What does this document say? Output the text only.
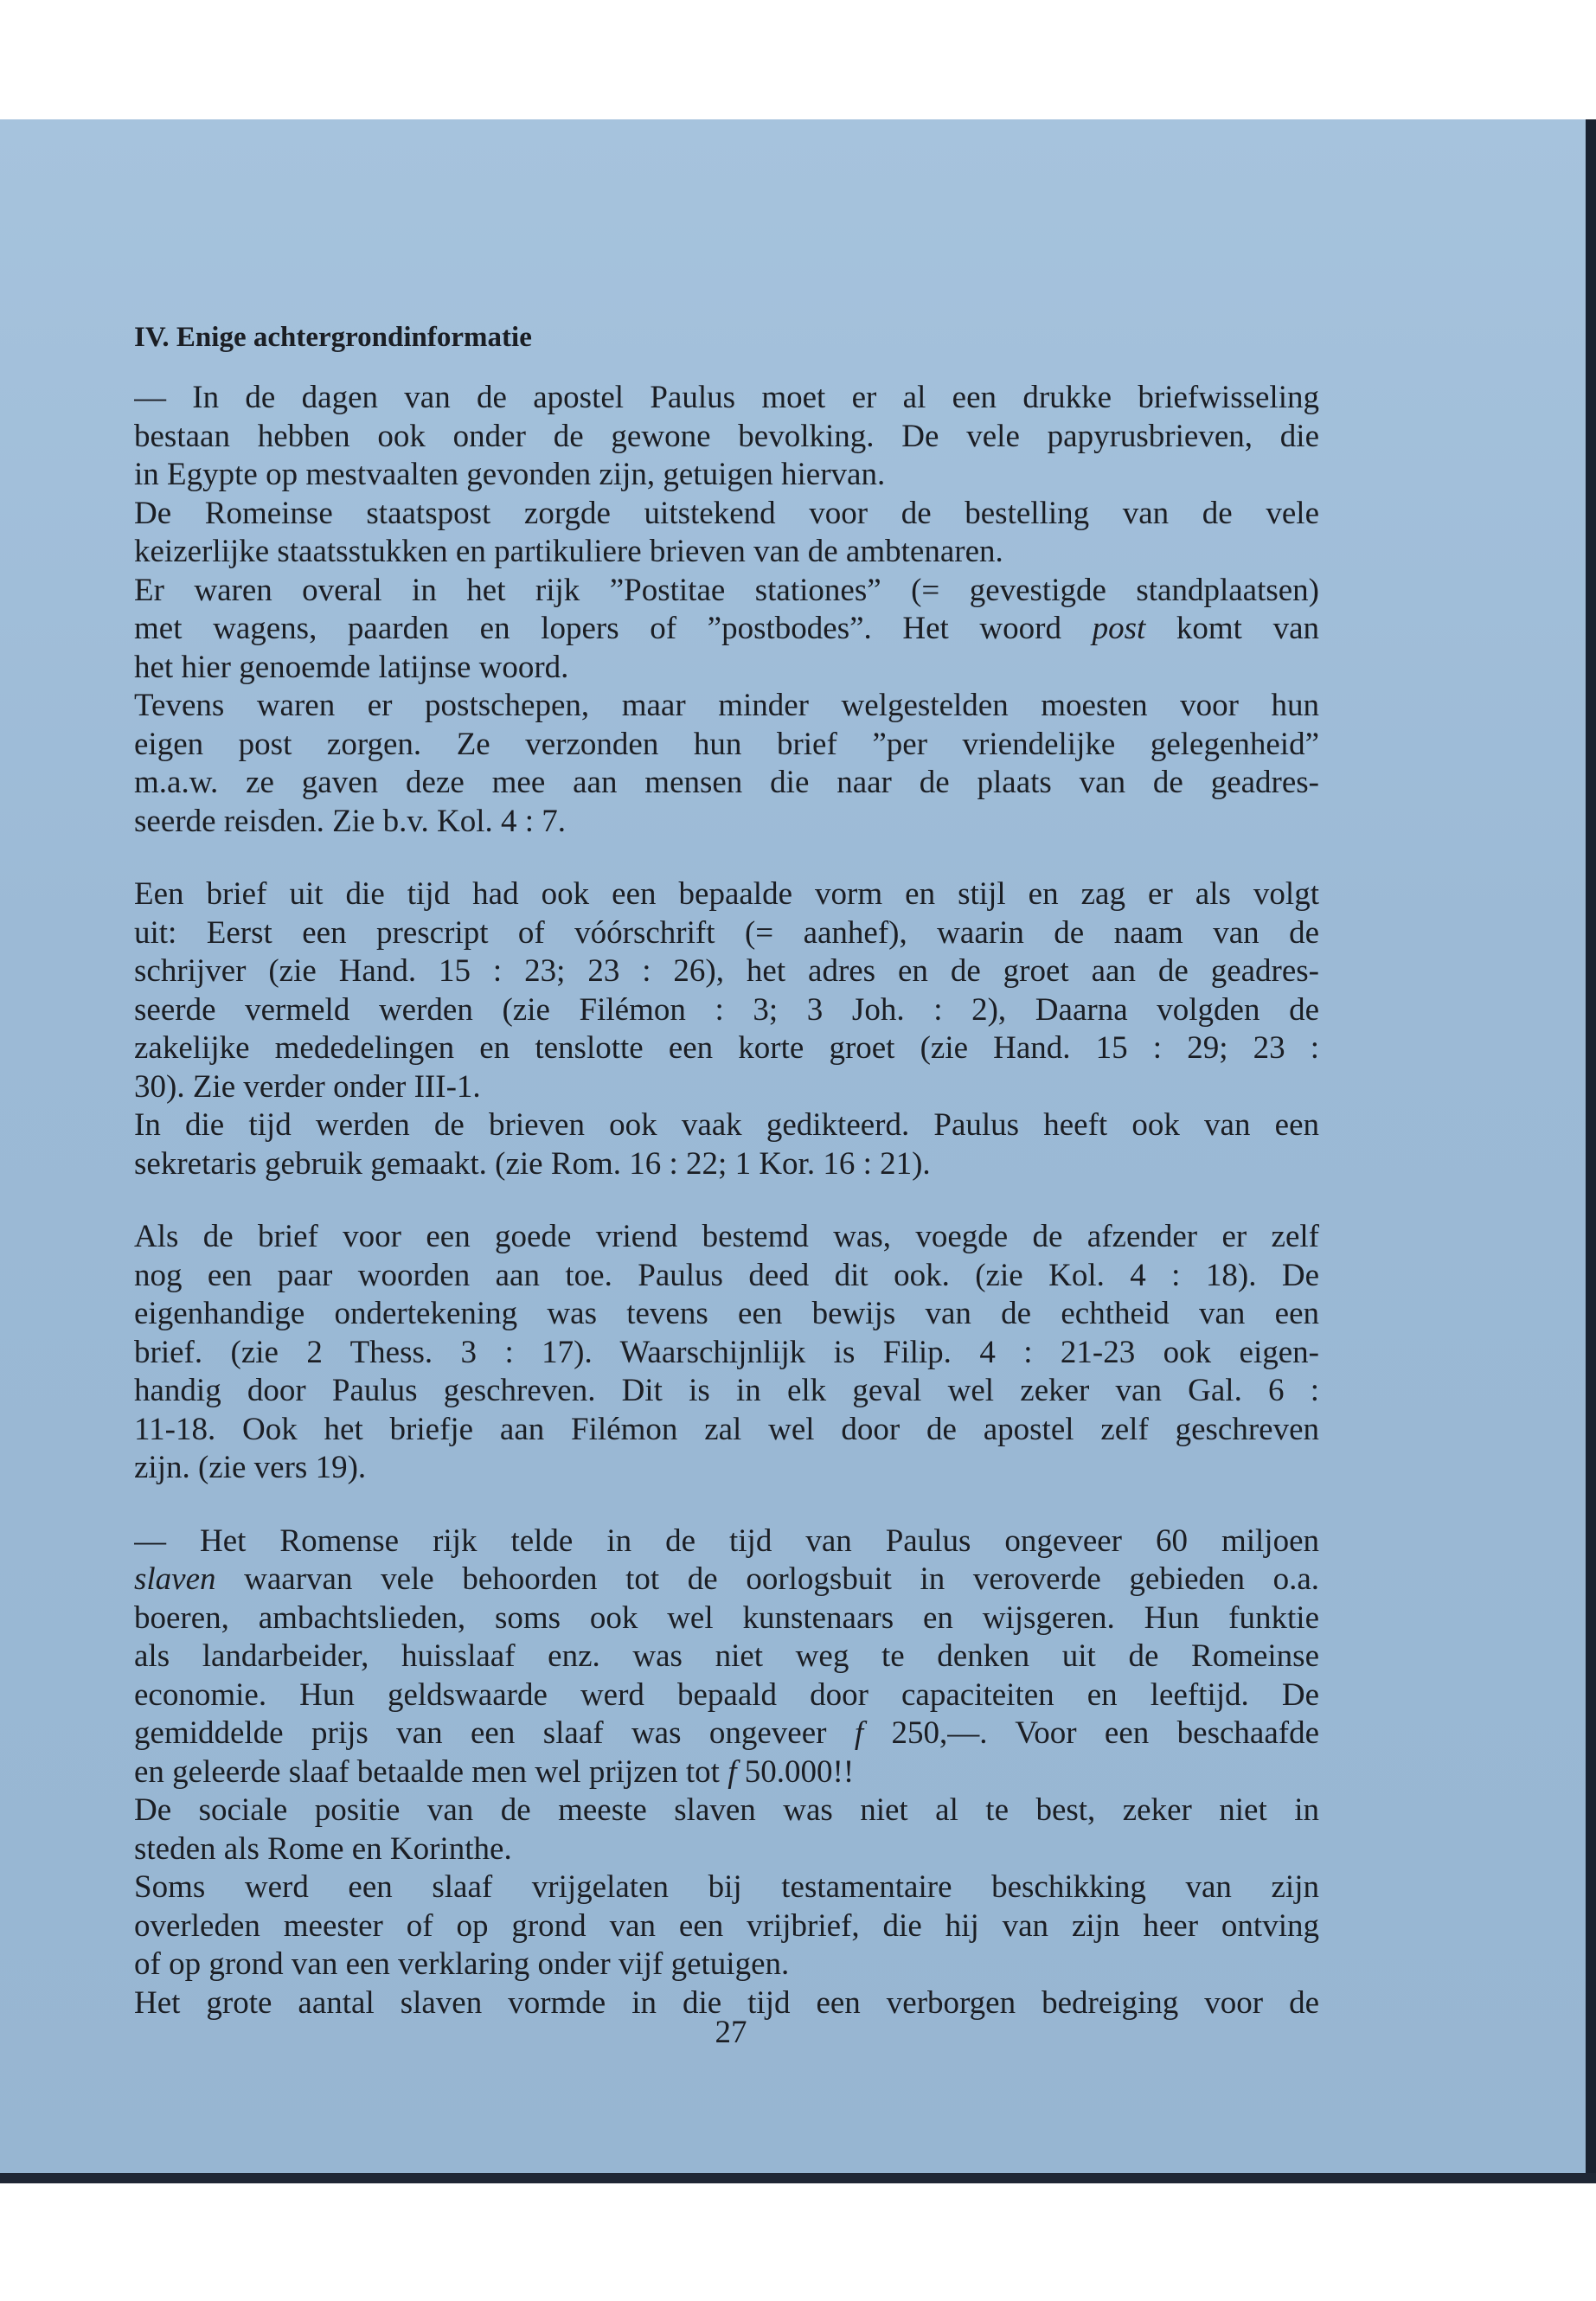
IV. Enige achtergrondinformatie
— In de dagen van de apostel Paulus moet er al een drukke briefwisseling
bestaan hebben ook onder de gewone bevolking. De vele papyrusbrieven, die
in Egypte op mestvaalten gevonden zijn, getuigen hiervan.
De Romeinse staatspost zorgde uitstekend voor de bestelling van de vele
keizerlijke staatsstukken en partikuliere brieven van de ambtenaren.
Er waren overal in het rijk ”Postitae stationes” (= gevestigde standplaatsen)
met wagens, paarden en lopers of ”postbodes”. Het woord post komt van
het hier genoemde latijnse woord.
Tevens waren er postschepen, maar minder welgestelden moesten voor hun
eigen post zorgen. Ze verzonden hun brief ”per vriendelijke gelegenheid”
m.a.w. ze gaven deze mee aan mensen die naar de plaats van de geadres-
seerde reisden. Zie b.v. Kol. 4 : 7.
Een brief uit die tijd had ook een bepaalde vorm en stijl en zag er als volgt
uit: Eerst een prescript of vóórschrift (= aanhef), waarin de naam van de
schrijver (zie Hand. 15 : 23; 23 : 26), het adres en de groet aan de geadres-
seerde vermeld werden (zie Filémon : 3; 3 Joh. : 2), Daarna volgden de
zakelijke mededelingen en tenslotte een korte groet (zie Hand. 15 : 29; 23 :
30). Zie verder onder III-1.
In die tijd werden de brieven ook vaak gedikteerd. Paulus heeft ook van een
sekretaris gebruik gemaakt. (zie Rom. 16 : 22; 1 Kor. 16 : 21).
Als de brief voor een goede vriend bestemd was, voegde de afzender er zelf
nog een paar woorden aan toe. Paulus deed dit ook. (zie Kol. 4 : 18). De
eigenhandige ondertekening was tevens een bewijs van de echtheid van een
brief. (zie 2 Thess. 3 : 17). Waarschijnlijk is Filip. 4 : 21-23 ook eigen-
handig door Paulus geschreven. Dit is in elk geval wel zeker van Gal. 6 :
11-18. Ook het briefje aan Filémon zal wel door de apostel zelf geschreven
zijn. (zie vers 19).
— Het Romense rijk telde in de tijd van Paulus ongeveer 60 miljoen
slaven waarvan vele behoorden tot de oorlogsbuit in veroverde gebieden o.a.
boeren, ambachtslieden, soms ook wel kunstenaars en wijsgeren. Hun funktie
als landarbeider, huisslaaf enz. was niet weg te denken uit de Romeinse
economie. Hun geldswaarde werd bepaald door capaciteiten en leeftijd. De
gemiddelde prijs van een slaaf was ongeveer f 250,—. Voor een beschaafde
en geleerde slaaf betaalde men wel prijzen tot f 50.000!!
De sociale positie van de meeste slaven was niet al te best, zeker niet in
steden als Rome en Korinthe.
Soms werd een slaaf vrijgelaten bij testamentaire beschikking van zijn
overleden meester of op grond van een vrijbrief, die hij van zijn heer ontving
of op grond van een verklaring onder vijf getuigen.
Het grote aantal slaven vormde in die tijd een verborgen bedreiging voor de
27
